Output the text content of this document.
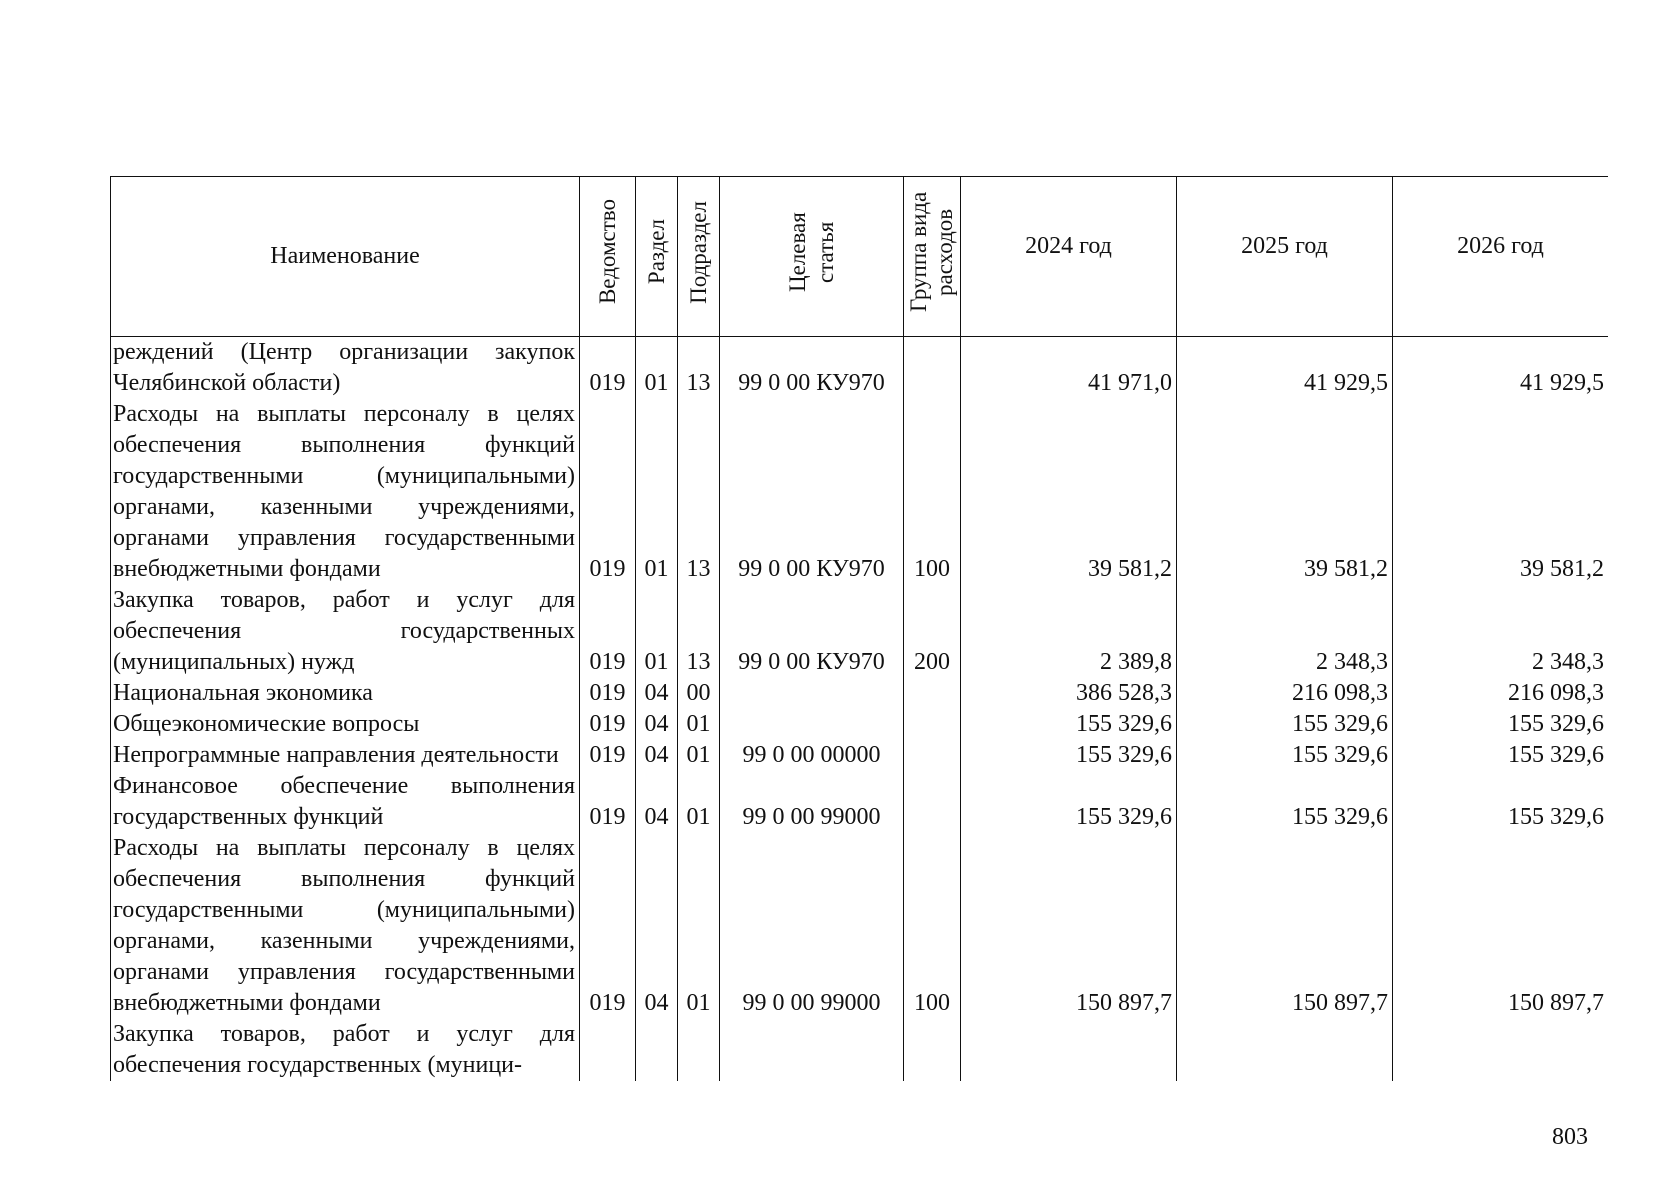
Наименование	Ведомство	Раздел	Подраздел	Целевая статья	Группа вида расходов	2024 год	2025 год	2026 год
реждений (Центр организации закупок Челябинской области)	019	01	13	99 0 00 КУ970		41 971,0	41 929,5	41 929,5
Расходы на выплаты персоналу в целях обеспечения выполнения функций государственными (муниципальными) органами, казенными учреждениями, органами управления государственными внебюджетными фондами	019	01	13	99 0 00 КУ970	100	39 581,2	39 581,2	39 581,2
Закупка товаров, работ и услуг для обеспечения государственных (муниципальных) нужд	019	01	13	99 0 00 КУ970	200	2 389,8	2 348,3	2 348,3
Национальная экономика	019	04	00			386 528,3	216 098,3	216 098,3
Общеэкономические вопросы	019	04	01			155 329,6	155 329,6	155 329,6
Непрограммные направления деятельности	019	04	01	99 0 00 00000		155 329,6	155 329,6	155 329,6
Финансовое обеспечение выполнения государственных функций	019	04	01	99 0 00 99000		155 329,6	155 329,6	155 329,6
Расходы на выплаты персоналу в целях обеспечения выполнения функций государственными (муниципальными) органами, казенными учреждениями, органами управления государственными внебюджетными фондами	019	04	01	99 0 00 99000	100	150 897,7	150 897,7	150 897,7
Закупка товаров, работ и услуг для обеспечения государственных (муници-								
803
